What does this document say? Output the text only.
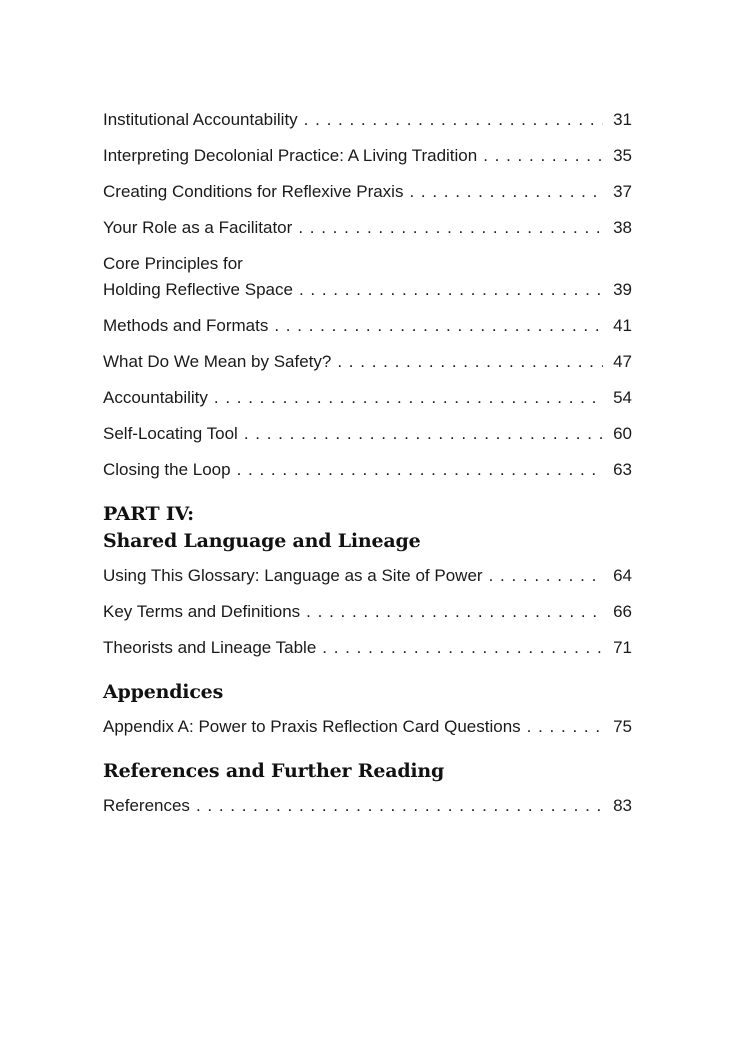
Institutional Accountability . . .	31
Interpreting Decolonial Practice: A Living Tradition . . .	35
Creating Conditions for Reflexive Praxis . . .	37
Your Role as a Facilitator . . .	38
Core Principles for
Holding Reflective Space . . .	39
Methods and Formats . . .	41
What Do We Mean by Safety? . . .	47
Accountability . . .	54
Self-Locating Tool . . .	60
Closing the Loop . . .	63
PART IV:
Shared Language and Lineage
Using This Glossary: Language as a Site of Power . . .	64
Key Terms and Definitions . . .	66
Theorists and Lineage Table . . .	71
Appendices
Appendix A: Power to Praxis Reflection Card Questions . . .	75
References and Further Reading
References . . .	83
